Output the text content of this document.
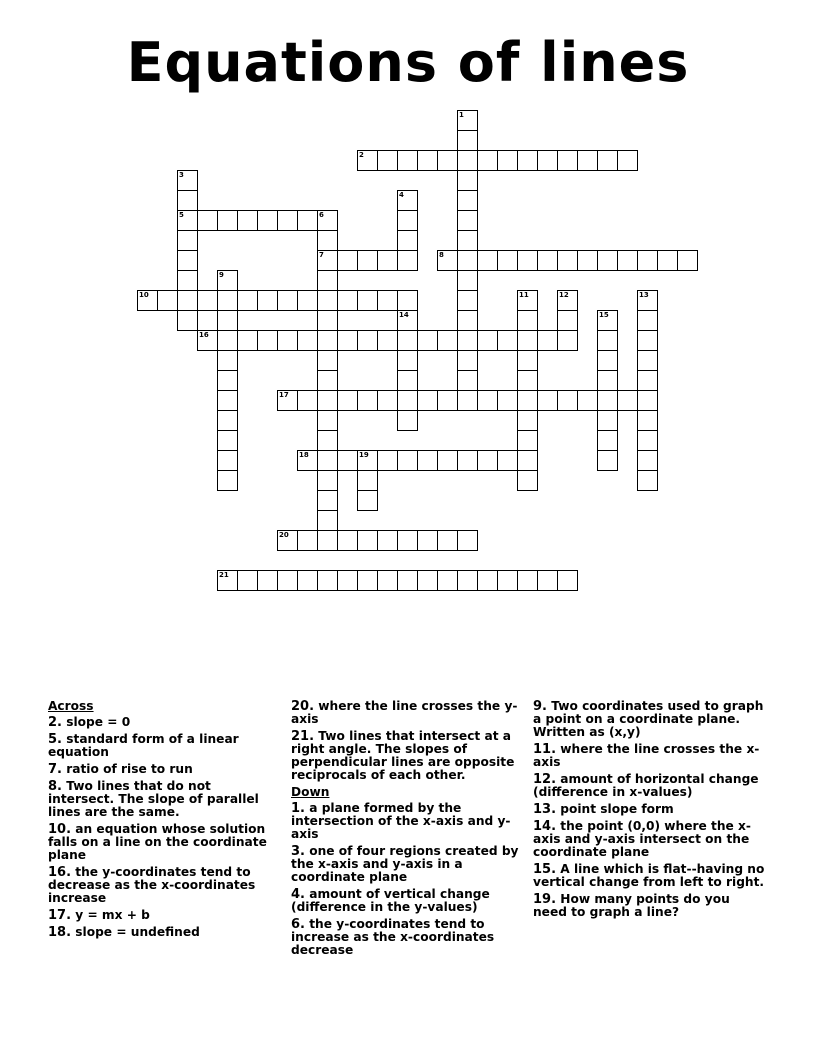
Equations of lines
1
2
3
5
4
6
7	8
9
10	11	12	13
14	15
16
17
18	19
20
21
Across
2. slope = 0
5. standard form of a linear equation
7. ratio of rise to run
8. Two lines that do not intersect. The slope of parallel lines are the same.
10. an equation whose solution falls on a line on the coordinate plane
16. the y-coordinates tend to decrease as the x-coordinates increase
17. y = mx + b
18. slope = undefined
20. where the line crosses the y-axis
21. Two lines that intersect at a right angle. The slopes of perpendicular lines are opposite reciprocals of each other.
Down
1. a plane formed by the intersection of the x-axis and y-axis
3. one of four regions created by the x-axis and y-axis in a coordinate plane
4. amount of vertical change (difference in the y-values)
6. the y-coordinates tend to increase as the x-coordinates decrease
9. Two coordinates used to graph a point on a coordinate plane. Written as (x,y)
11. where the line crosses the x-axis
12. amount of horizontal change (difference in x-values)
13. point slope form
14. the point (0,0) where the x-axis and y-axis intersect on the coordinate plane
15. A line which is flat--having no vertical change from left to right.
19. How many points do you need to graph a line?
